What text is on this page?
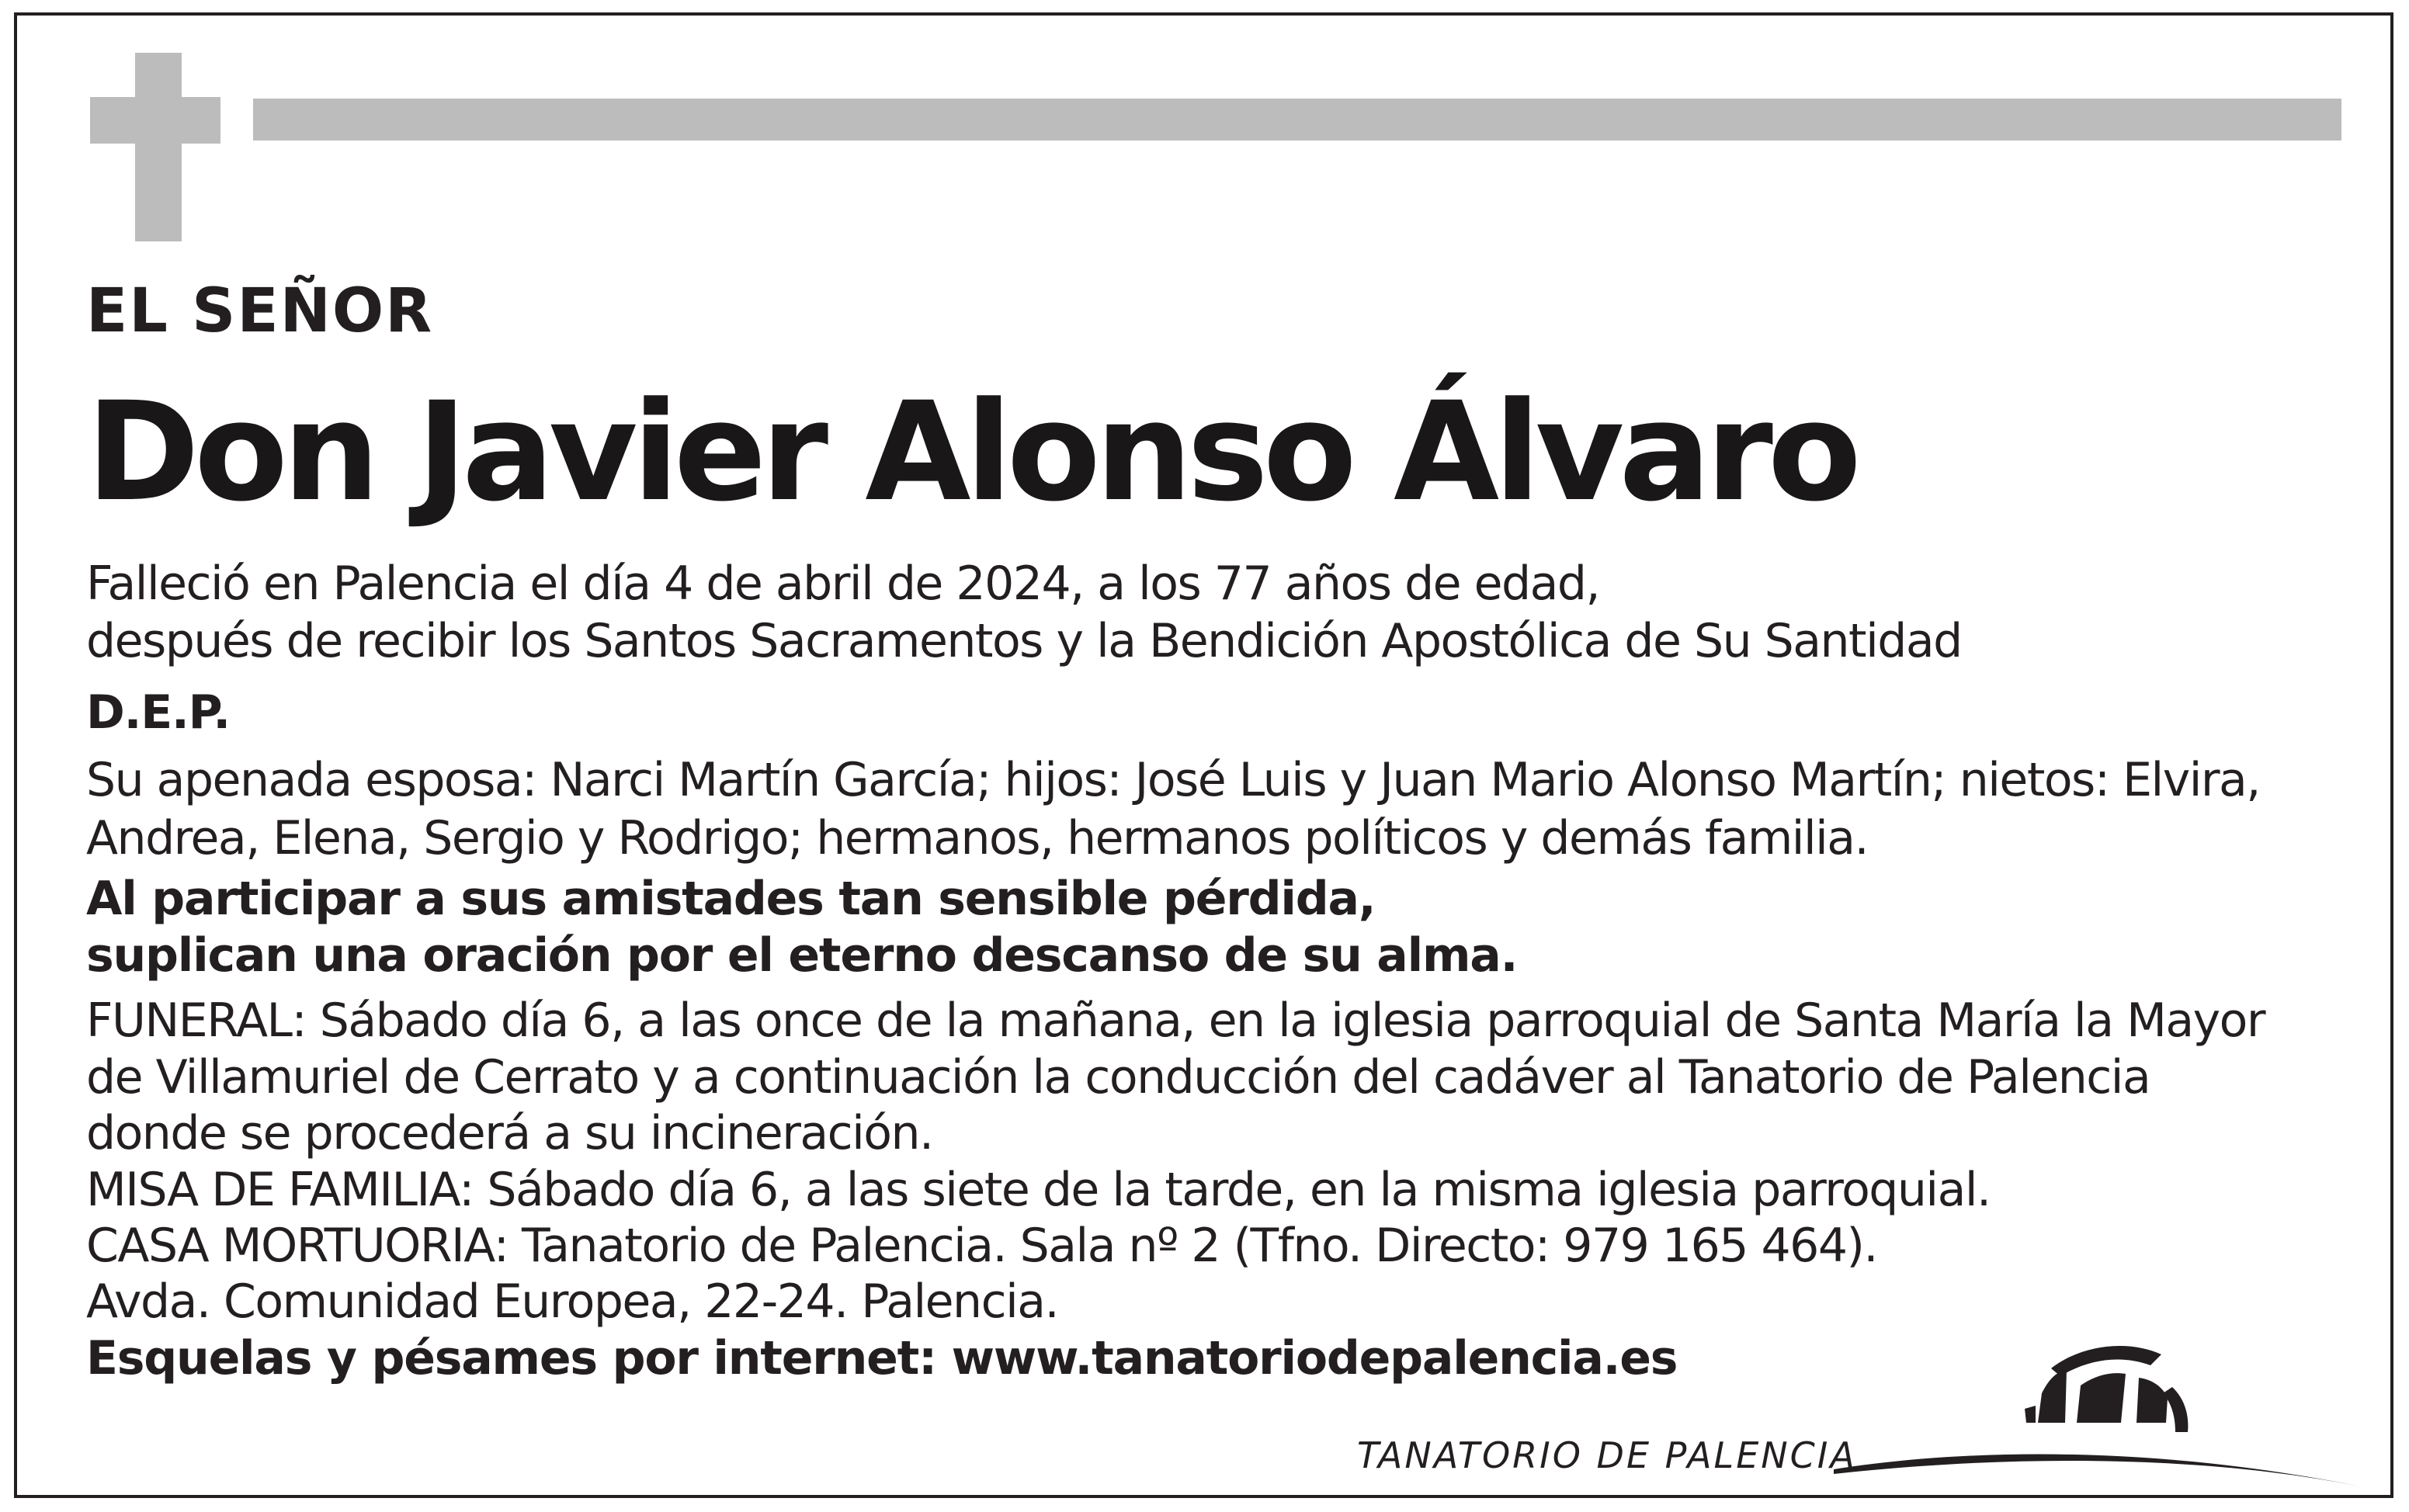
EL SEÑOR
Don Javier Alonso Álvaro
Falleció en Palencia el día 4 de abril de 2024, a los 77 años de edad,
después de recibir los Santos Sacramentos y la Bendición Apostólica de Su Santidad
D.E.P.
Su apenada esposa: Narci Martín García; hijos: José Luis y Juan Mario Alonso Martín; nietos: Elvira,
Andrea, Elena, Sergio y Rodrigo; hermanos, hermanos políticos y demás familia.
Al participar a sus amistades tan sensible pérdida,
suplican una oración por el eterno descanso de su alma.
FUNERAL: Sábado día 6, a las once de la mañana, en la iglesia parroquial de Santa María la Mayor
de Villamuriel de Cerrato y a continuación la conducción del cadáver al Tanatorio de Palencia
donde se procederá a su incineración.
MISA DE FAMILIA: Sábado día 6, a las siete de la tarde, en la misma iglesia parroquial.
CASA MORTUORIA: Tanatorio de Palencia. Sala nº 2 (Tfno. Directo: 979 165 464).
Avda. Comunidad Europea, 22-24. Palencia.
Esquelas y pésames por internet: www.tanatoriodepalencia.es
TANATORIO DE PALENCIA
